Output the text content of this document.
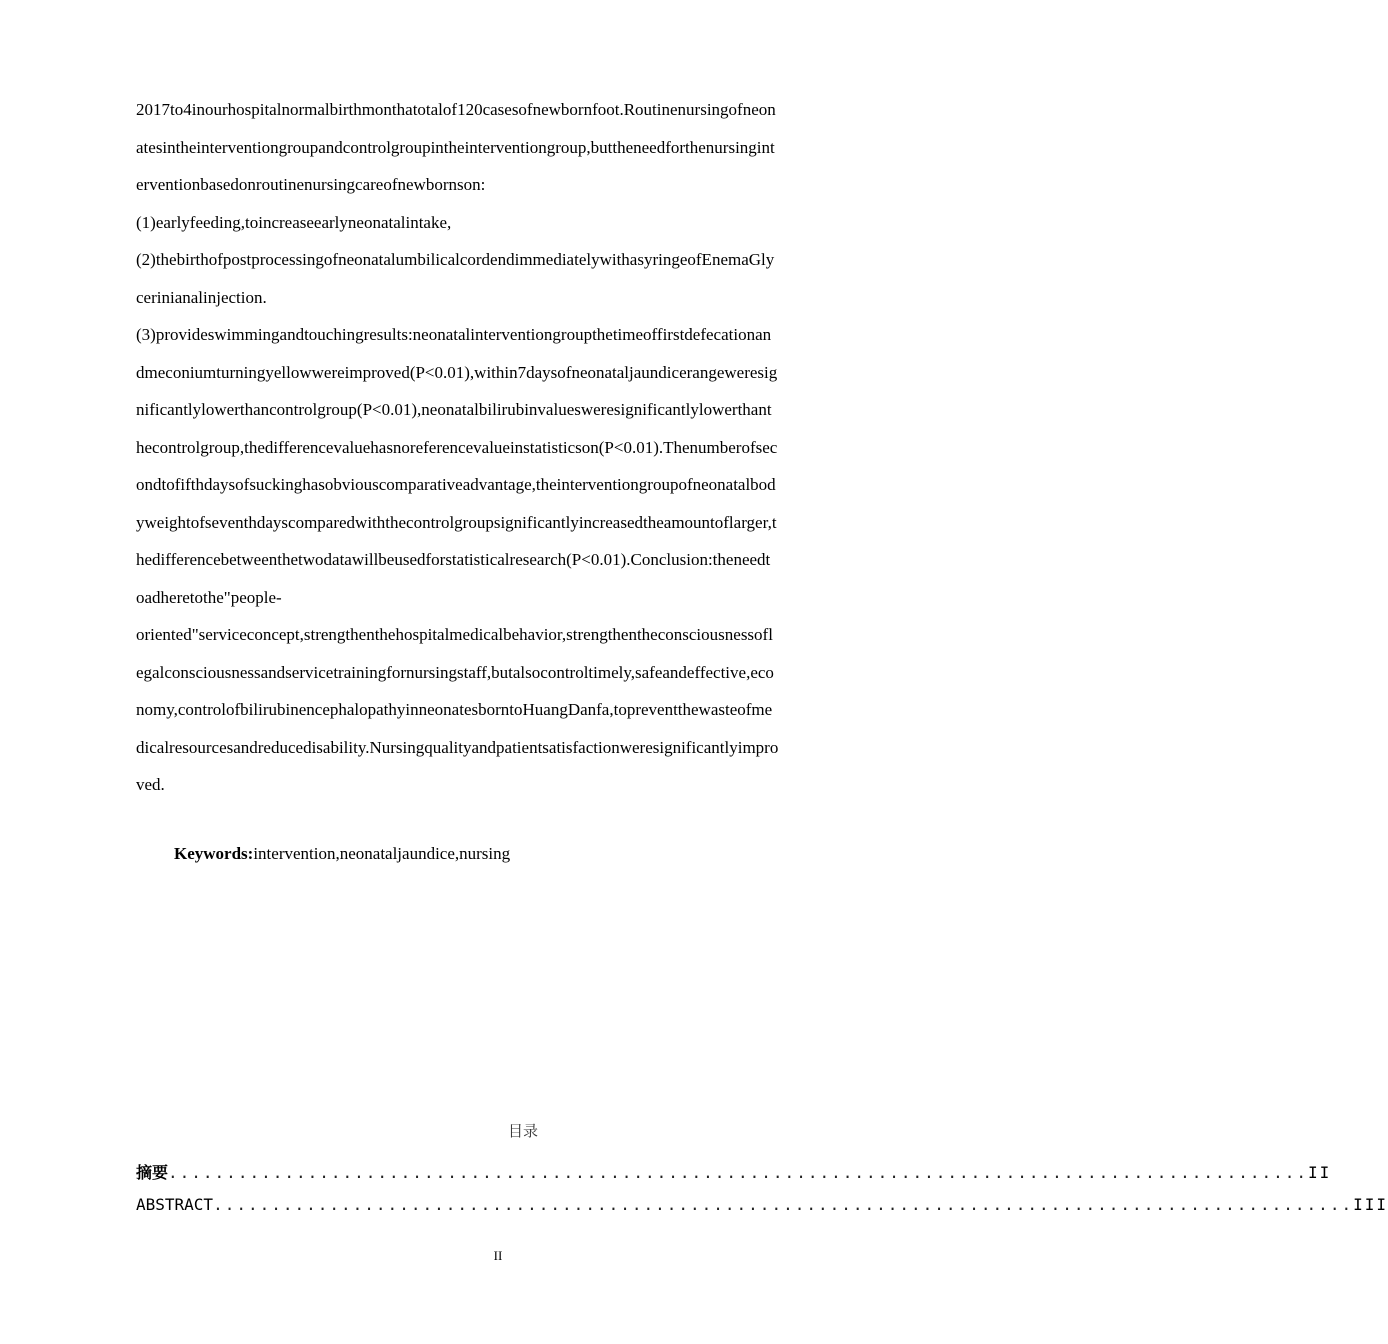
2017to4inourhospitalnormalbirthmonthatotalof120casesofnewbornfoot.Routinenursingofneon
atesintheinterventiongroupandcontrolgroupintheinterventiongroup,buttheneedforthenursingint
erventionbasedonroutinenursingcareofnewbornson:
(1)earlyfeeding,toincreaseearlyneonatalintake,
(2)thebirthofpostprocessingofneonatalumbilicalcordendimmediatelywithasyringeofEnemaGly
cerinianalinjection.
(3)provideswimmingandtouchingresults:neonatalinterventiongroupthetimeoffirstdefecationan
dmeconiumturningyellowwereimproved(P<0.01),within7daysofneonataljaundicerangeweresig
nificantlylowerthancontrolgroup(P<0.01),neonatalbilirubinvaluesweresignificantlylowerthant
hecontrolgroup,thedifferencevaluehasnoreferencevalueinstatisticson(P<0.01).Thenumberofsec
ondtofifthdaysofsuckinghasobviouscomparativeadvantage,theinterventiongroupofneonatalbod
yweightofseventhdayscomparedwiththecontrolgroupsignificantlyincreasedtheamountoflarger,t
hedifferencebetweenthetwodatawillbeusedforstatisticalresearch(P<0.01).Conclusion:theneedt
oadheretothe"people-
oriented"serviceconcept,strengthenthehospitalmedicalbehavior,strengthentheconsciousnessofl
egalconsciousnessandservicetrainingfornursingstaff,butalsocontroltimely,safeandeffective,eco
nomy,controlofbilirubinencephalopathyinneonatesborntoHuangDanfa,topreventthewasteofme
dicalresourcesandreducedisability.Nursingqualityandpatientsatisfactionweresignificantlyimpro
ved.
Keywords:intervention,neonataljaundice,nursing
目录
摘要 .................................................................................................. II
ABSTRACT .................................................................................................. III
II
